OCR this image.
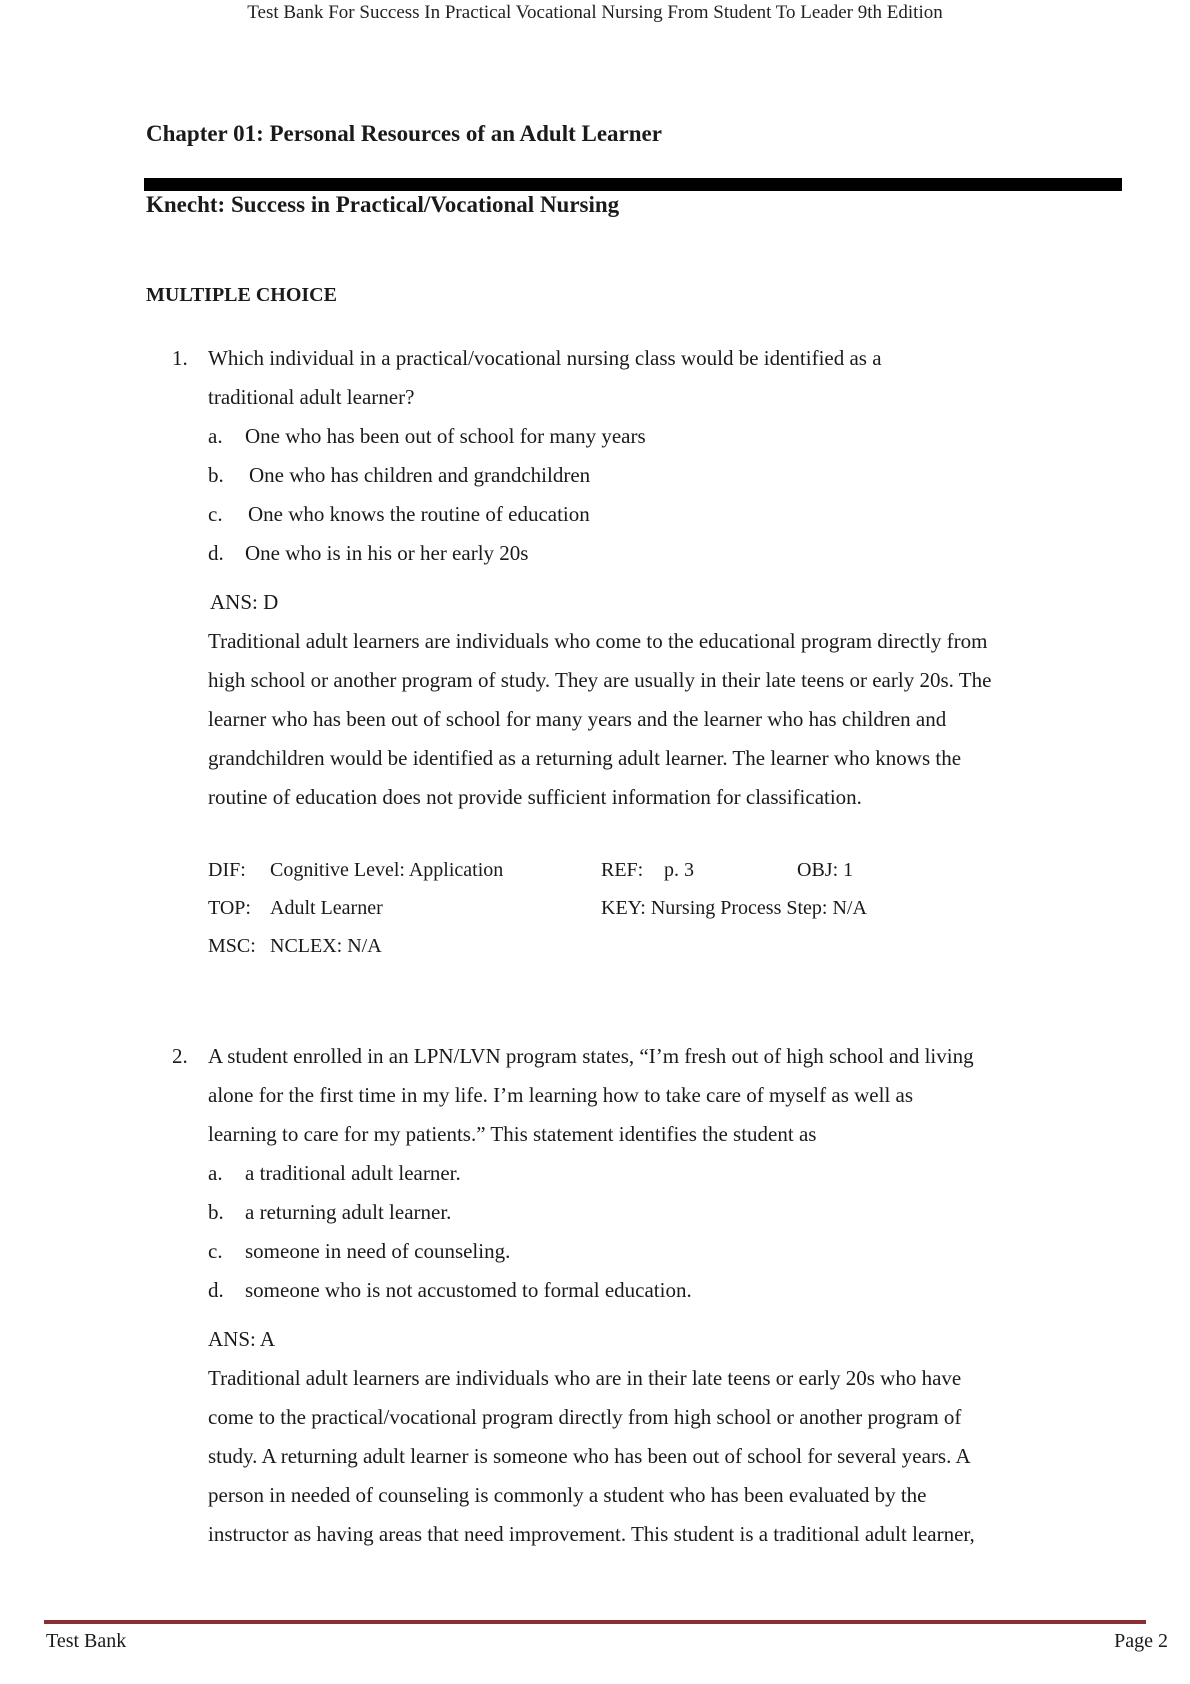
Test Bank For Success In Practical Vocational Nursing From Student To Leader 9th Edition
Chapter 01: Personal Resources of an Adult Learner
Knecht: Success in Practical/Vocational Nursing
MULTIPLE CHOICE
1. Which individual in a practical/vocational nursing class would be identified as a
traditional adult learner?
a. One who has been out of school for many years
b. One who has children and grandchildren
c. One who knows the routine of education
d. One who is in his or her early 20s
ANS: D
Traditional adult learners are individuals who come to the educational program directly from
high school or another program of study. They are usually in their late teens or early 20s. The
learner who has been out of school for many years and the learner who has children and
grandchildren would be identified as a returning adult learner. The learner who knows the
routine of education does not provide sufficient information for classification.
DIF: Cognitive Level: Application	REF: p. 3	OBJ: 1
TOP: Adult Learner	KEY: Nursing Process Step: N/A
MSC: NCLEX: N/A
2. A student enrolled in an LPN/LVN program states, “I’m fresh out of high school and living
alone for the first time in my life. I’m learning how to take care of myself as well as
learning to care for my patients.” This statement identifies the student as
a. a traditional adult learner.
b. a returning adult learner.
c. someone in need of counseling.
d. someone who is not accustomed to formal education.
ANS: A
Traditional adult learners are individuals who are in their late teens or early 20s who have
come to the practical/vocational program directly from high school or another program of
study. A returning adult learner is someone who has been out of school for several years. A
person in needed of counseling is commonly a student who has been evaluated by the
instructor as having areas that need improvement. This student is a traditional adult learner,
Test Bank	Page 2
